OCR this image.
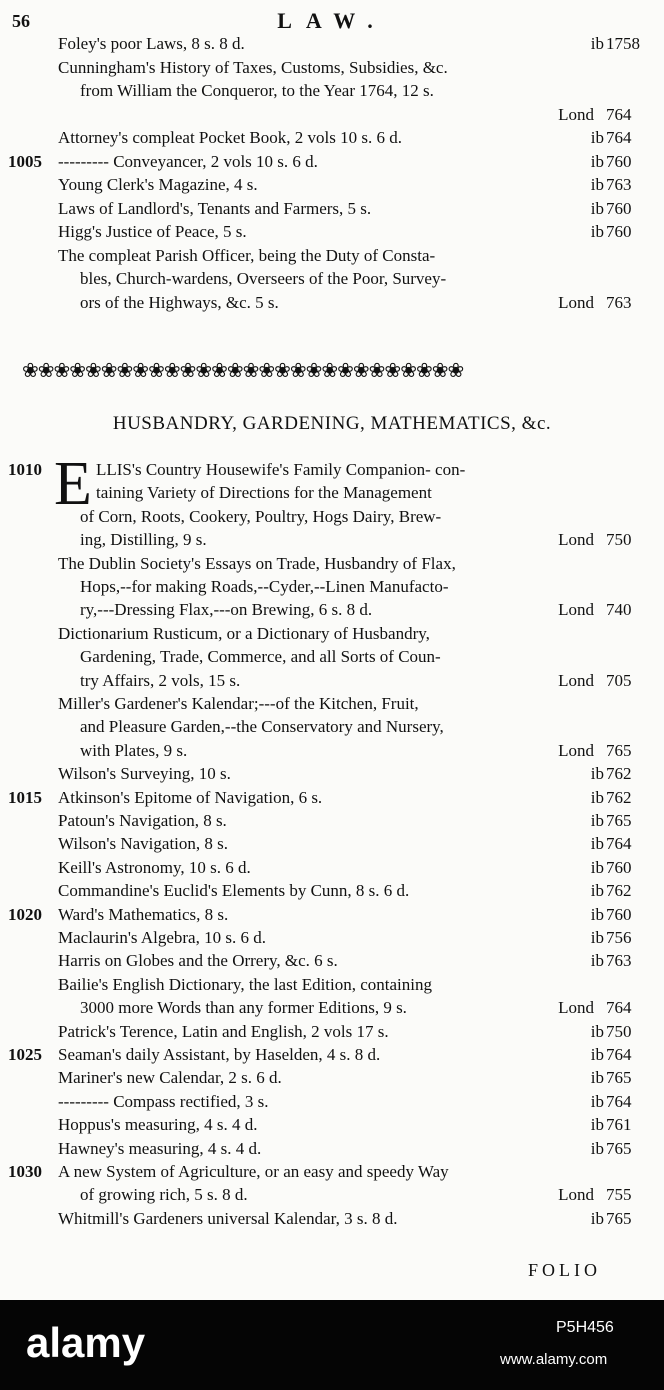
56	LAW.
Foley's poor Laws, 8 s. 8 d.	ib 1758
Cunningham's History of Taxes, Customs, Subsidies, &c.
from William the Conqueror, to the Year 1764, 12 s.
Lond 764
Attorney's compleat Pocket Book, 2 vols 10 s. 6 d.	ib 764
1005 --------- Conveyancer, 2 vols 10 s. 6 d.	ib 760
Young Clerk's Magazine, 4 s.	ib 763
Laws of Landlord's, Tenants and Farmers, 5 s.	ib 760
Higg's Justice of Peace, 5 s.	ib 760
The compleat Parish Officer, being the Duty of Consta-
bles, Church-wardens, Overseers of the Poor, Survey-
ors of the Highways, &c. 5 s.	Lond 763
❀❀❀❀❀❀❀❀❀❀❀❀❀❀❀❀❀❀❀❀❀❀❀❀❀❀❀❀
HUSBANDRY, GARDENING, MATHEMATICS, &c.
E
1010	LLIS's Country Housewife's Family Companion- con-
taining Variety of Directions for the Management
of Corn, Roots, Cookery, Poultry, Hogs Dairy, Brew-
ing, Distilling, 9 s.	Lond 750
The Dublin Society's Essays on Trade, Husbandry of Flax,
Hops,--for making Roads,--Cyder,--Linen Manufacto-
ry,---Dressing Flax,---on Brewing, 6 s. 8 d.	Lond 740
Dictionarium Rusticum, or a Dictionary of Husbandry,
Gardening, Trade, Commerce, and all Sorts of Coun-
try Affairs, 2 vols, 15 s.	Lond 705
Miller's Gardener's Kalendar;---of the Kitchen, Fruit,
and Pleasure Garden,--the Conservatory and Nursery,
with Plates, 9 s.	Lond 765
Wilson's Surveying, 10 s.	ib 762
1015 Atkinson's Epitome of Navigation, 6 s.	ib 762
Patoun's Navigation, 8 s.	ib 765
Wilson's Navigation, 8 s.	ib 764
Keill's Astronomy, 10 s. 6 d.	ib 760
Commandine's Euclid's Elements by Cunn, 8 s. 6 d.	ib 762
1020 Ward's Mathematics, 8 s.	ib 760
Maclaurin's Algebra, 10 s. 6 d.	ib 756
Harris on Globes and the Orrery, &c. 6 s.	ib 763
Bailie's English Dictionary, the last Edition, containing
3000 more Words than any former Editions, 9 s.	Lond 764
Patrick's Terence, Latin and English, 2 vols 17 s.	ib 750
1025 Seaman's daily Assistant, by Haselden, 4 s. 8 d.	ib 764
Mariner's new Calendar, 2 s. 6 d.	ib 765
--------- Compass rectified, 3 s.	ib 764
Hoppus's measuring, 4 s. 4 d.	ib 761
Hawney's measuring, 4 s. 4 d.	ib 765
1030 A new System of Agriculture, or an easy and speedy Way
of growing rich, 5 s. 8 d.	Lond 755
Whitmill's Gardeners universal Kalendar, 3 s. 8 d.	ib 765
FOLIO
alamy	P5H456
www.alamy.com
